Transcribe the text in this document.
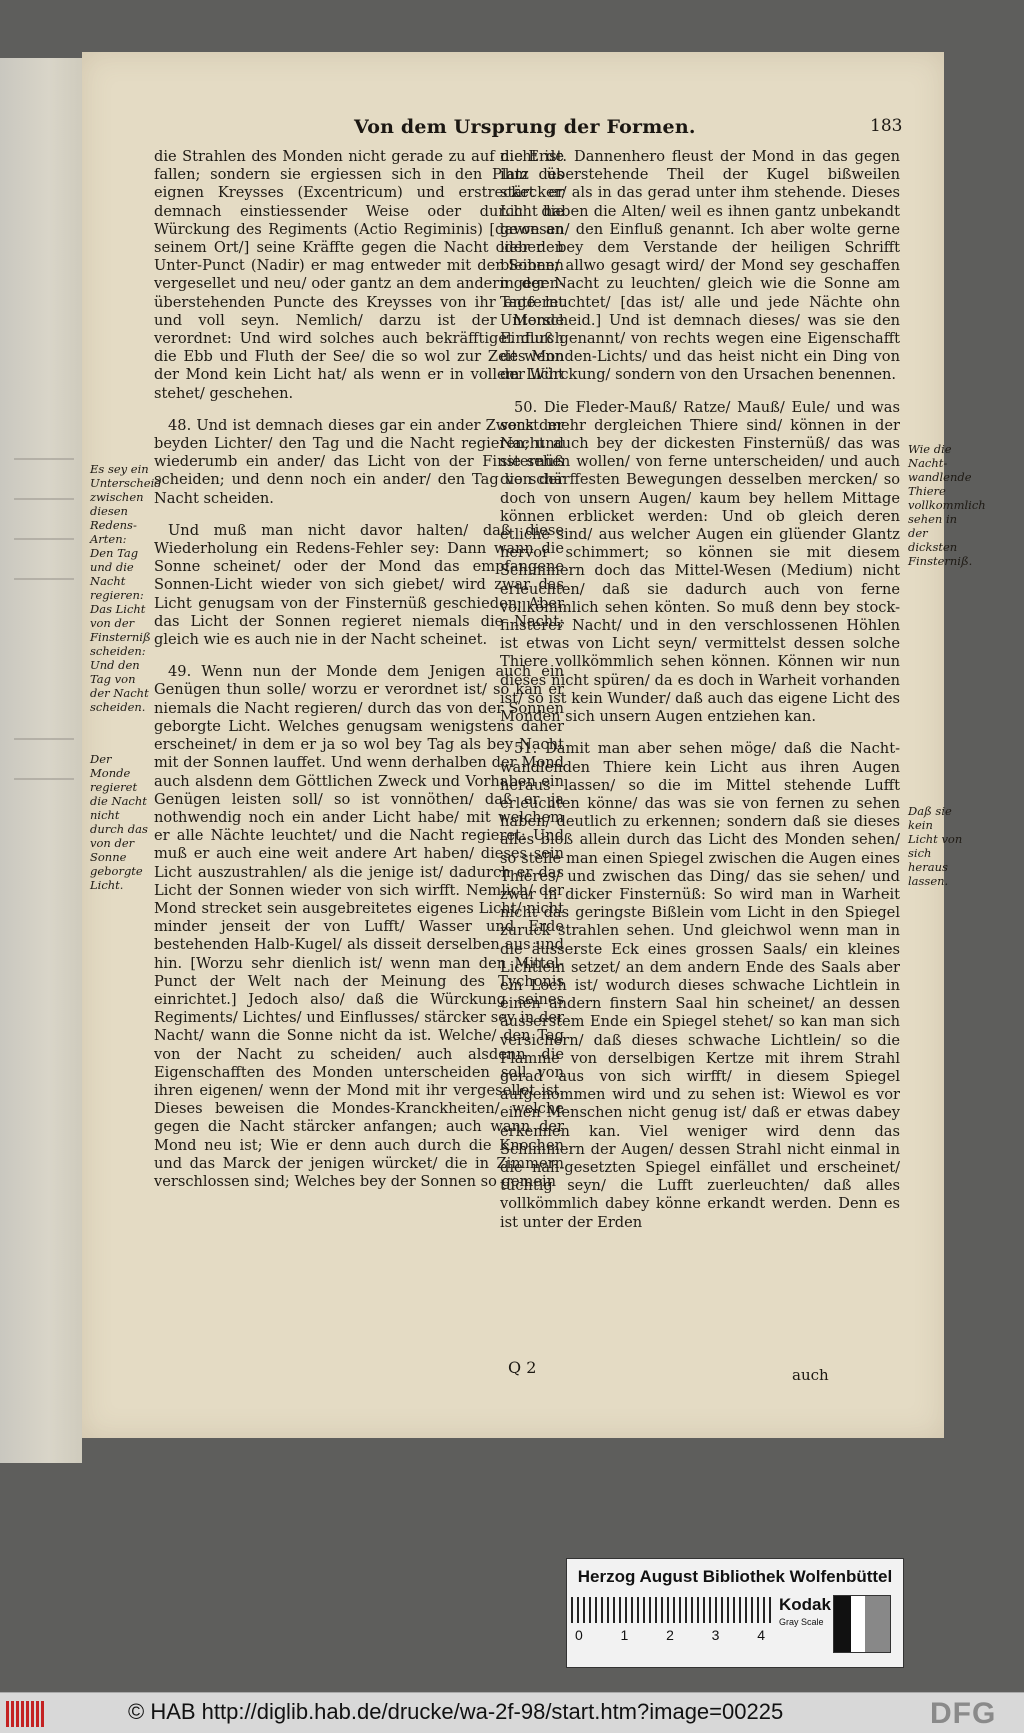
Von dem Ursprung der Formen.	183

die Strahlen des Monden nicht gerade zu auf die Erde fallen; sondern sie ergiessen sich in den Platz des eignen Kreysses (Excentricum) und erstrecket er demnach einstiessender Weise oder durch die Würckung des Regiments (Actio Regiminis) [davon an seinem Ort/] seine Kräffte gegen die Nacht oder den Unter-Punct (Nadir) er mag entweder mit der Sonnen vergesellet und neu/ oder gantz an dem andern gegen-überstehenden Puncte des Kreysses von ihr entfernt und voll seyn. Nemlich/ darzu ist der Monde verordnet: Und wird solches auch bekräfftiget durch die Ebb und Fluth der See/ die so wol zur Zeit wenn der Mond kein Licht hat/ als wenn er in vollem Licht stehet/ geschehen.

48. Und ist demnach dieses gar ein ander Zweck der beyden Lichter/ den Tag und die Nacht regieren; und wiederumb ein ander/ das Licht von der Finsternüß scheiden; und denn noch ein ander/ den Tag von der Nacht scheiden.

Und muß man nicht davor halten/ daß diese Wiederholung ein Redens-Fehler sey: Dann wann die Sonne scheinet/ oder der Mond das empfangene Sonnen-Licht wieder von sich giebet/ wird zwar das Licht genugsam von der Finsternüß geschieden; Aber das Licht der Sonnen regieret niemals die Nacht; gleich wie es auch nie in der Nacht scheinet.

49. Wenn nun der Monde dem Jenigen auch ein Genügen thun solle/ worzu er verordnet ist/ so kan er niemals die Nacht regieren/ durch das von der Sonnen geborgte Licht. Welches genugsam wenigstens daher erscheinet/ in dem er ja so wol bey Tag als bey Nacht mit der Sonnen lauffet. Und wenn derhalben der Mond auch alsdenn dem Göttlichen Zweck und Vorhaben ein Genügen leisten soll/ so ist vonnöthen/ daß er ja nothwendig noch ein ander Licht habe/ mit welchem er alle Nächte leuchtet/ und die Nacht regieret: Und muß er auch eine weit andere Art haben/ dieses sein Licht auszustrahlen/ als die jenige ist/ dadurch er das Licht der Sonnen wieder von sich wirfft. Nemlich/ der Mond strecket sein ausgebreitetes eigenes Licht/ nicht minder jenseit der von Lufft/ Wasser und Erde bestehenden Halb-Kugel/ als disseit derselben aus und hin. [Worzu sehr dienlich ist/ wenn man den Mittel-Punct der Welt nach der Meinung des Tychonis einrichtet.] Jedoch also/ daß die Würckung seines Regiments/ Lichtes/ und Einflusses/ stärcker sey in der Nacht/ wann die Sonne nicht da ist. Welche/ den Tag von der Nacht zu scheiden/ auch alsdenn die Eigenschafften des Monden unterscheiden soll von ihren eigenen/ wenn der Mond mit ihr vergesellet ist. Dieses beweisen die Mondes-Kranckheiten/ welche gegen die Nacht stärcker anfangen; auch wann der Mond neu ist; Wie er denn auch durch die Knochen und das Marck der jenigen würcket/ die in Zimmern verschlossen sind; Welches bey der Sonnen so gemein

nicht ist. Dannenhero fleust der Mond in das gegen ihm überstehende Theil der Kugel bißweilen stärcker/ als in das gerad unter ihm stehende. Dieses Licht haben die Alten/ weil es ihnen gantz unbekandt gewesen/ den Einfluß genannt. Ich aber wolte gerne lieber bey dem Verstande der heiligen Schrifft bleiben/ allwo gesagt wird/ der Mond sey geschaffen in der Nacht zu leuchten/ gleich wie die Sonne am Tage leuchtet/ [das ist/ alle und jede Nächte ohn Unterscheid.] Und ist demnach dieses/ was sie den Einfluß genannt/ von rechts wegen eine Eigenschafft des Monden-Lichts/ und das heist nicht ein Ding von der Würckung/ sondern von den Ursachen benennen.

50. Die Fleder-Mauß/ Ratze/ Mauß/ Eule/ und was sonst mehr dergleichen Thiere sind/ können in der Nacht auch bey der dickesten Finsternüß/ das was sie sehen wollen/ von ferne unterscheiden/ und auch die schärffesten Bewegungen desselben mercken/ so doch von unsern Augen/ kaum bey hellem Mittage können erblicket werden: Und ob gleich deren etliche sind/ aus welcher Augen ein glüender Glantz hervor schimmert; so können sie mit diesem Schimmern doch das Mittel-Wesen (Medium) nicht erleuchten/ daß sie dadurch auch von ferne vollkömmlich sehen könten. So muß denn bey stock-finsterer Nacht/ und in den verschlossenen Höhlen ist etwas von Licht seyn/ vermittelst dessen solche Thiere vollkömmlich sehen können. Können wir nun dieses nicht spüren/ da es doch in Warheit vorhanden ist/ so ist kein Wunder/ daß auch das eigene Licht des Monden sich unsern Augen entziehen kan.

51. Damit man aber sehen möge/ daß die Nacht-wandlenden Thiere kein Licht aus ihren Augen heraus lassen/ so die im Mittel stehende Lufft erleuchten könne/ das was sie von fernen zu sehen haben/ deutlich zu erkennen; sondern daß sie dieses alles bloß allein durch das Licht des Monden sehen/ so stelle man einen Spiegel zwischen die Augen eines Thieres/ und zwischen das Ding/ das sie sehen/ und zwar in dicker Finsternüß: So wird man in Warheit nicht das geringste Bißlein vom Licht in den Spiegel zuruck strahlen sehen. Und gleichwol wenn man in die äusserste Eck eines grossen Saals/ ein kleines Lichtlein setzet/ an dem andern Ende des Saals aber ein Loch ist/ wodurch dieses schwache Lichtlein in einen andern finstern Saal hin scheinet/ an dessen äusserstem Ende ein Spiegel stehet/ so kan man sich versichern/ daß dieses schwache Lichtlein/ so die Flamme von derselbigen Kertze mit ihrem Strahl gerad aus von sich wirfft/ in diesem Spiegel aufgenommen wird und zu sehen ist: Wiewol es vor einen Menschen nicht genug ist/ daß er etwas dabey erkennen kan. Viel weniger wird denn das Schimmern der Augen/ dessen Strahl nicht einmal in die nah-gesetzten Spiegel einfället und erscheinet/ tüchtig seyn/ die Lufft zuerleuchten/ daß alles vollkömmlich dabey könne erkandt werden. Denn es ist unter der Erden

Es sey ein Unterscheid zwischen diesen Redens-Arten: Den Tag und die Nacht regieren: Das Licht von der Finsterniß scheiden: Und den Tag von der Nacht scheiden.
Der Monde regieret die Nacht nicht durch das von der Sonne geborgte Licht.
Wie die Nacht-wandlende Thiere vollkommlich sehen in der dicksten Finsterniß.
Daß sie kein Licht von sich heraus lassen.
Q 2	auch
Herzog August Bibliothek Wolfenbüttel
0	1	2	3	4
Kodak
Gray Scale
© HAB http://diglib.hab.de/drucke/wa-2f-98/start.htm?image=00225	DFG
